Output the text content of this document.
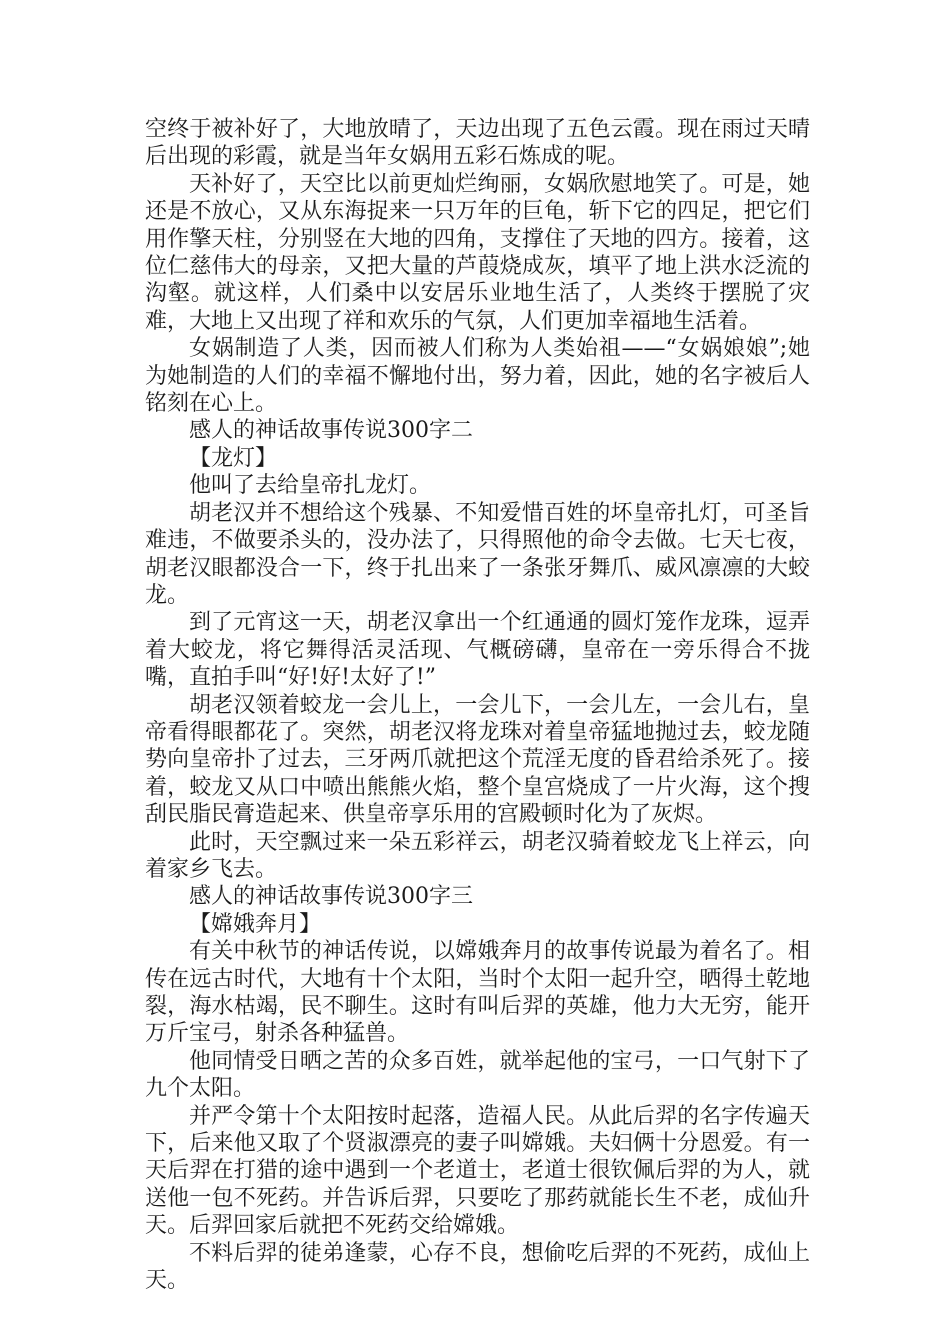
空终于被补好了，大地放晴了，天边出现了五色云霞。现在雨过天晴后出现的彩霞，就是当年女娲用五彩石炼成的呢。

天补好了，天空比以前更灿烂绚丽，女娲欣慰地笑了。可是，她还是不放心，又从东海捉来一只万年的巨龟，斩下它的四足，把它们用作擎天柱，分别竖在大地的四角，支撑住了天地的四方。接着，这位仁慈伟大的母亲，又把大量的芦葭烧成灰，填平了地上洪水泛流的沟壑。就这样，人们桑中以安居乐业地生活了，人类终于摆脱了灾难，大地上又出现了祥和欢乐的气氛，人们更加幸福地生活着。

女娲制造了人类，因而被人们称为人类始祖——“女娲娘娘”;她为她制造的人们的幸福不懈地付出，努力着，因此，她的名字被后人铭刻在心上。

感人的神话故事传说300字二

【龙灯】

他叫了去给皇帝扎龙灯。

胡老汉并不想给这个残暴、不知爱惜百姓的坏皇帝扎灯，可圣旨难违，不做要杀头的，没办法了，只得照他的命令去做。七天七夜，胡老汉眼都没合一下，终于扎出来了一条张牙舞爪、威风凛凛的大蛟龙。

到了元宵这一天，胡老汉拿出一个红通通的圆灯笼作龙珠，逗弄着大蛟龙，将它舞得活灵活现、气概磅礴，皇帝在一旁乐得合不拢嘴，直拍手叫“好!好!太好了!”

胡老汉领着蛟龙一会儿上，一会儿下，一会儿左，一会儿右，皇帝看得眼都花了。突然，胡老汉将龙珠对着皇帝猛地抛过去，蛟龙随势向皇帝扑了过去，三牙两爪就把这个荒淫无度的昏君给杀死了。接着，蛟龙又从口中喷出熊熊火焰，整个皇宫烧成了一片火海，这个搜刮民脂民膏造起来、供皇帝享乐用的宫殿顿时化为了灰烬。

此时，天空飘过来一朵五彩祥云，胡老汉骑着蛟龙飞上祥云，向着家乡飞去。

感人的神话故事传说300字三

【嫦娥奔月】

有关中秋节的神话传说，以嫦娥奔月的故事传说最为着名了。相传在远古时代，大地有十个太阳，当时个太阳一起升空，晒得土乾地裂，海水枯竭，民不聊生。这时有叫后羿的英雄，他力大无穷，能开万斤宝弓，射杀各种猛兽。

他同情受日晒之苦的众多百姓，就举起他的宝弓，一口气射下了九个太阳。

并严令第十个太阳按时起落，造福人民。从此后羿的名字传遍天下，后来他又取了个贤淑漂亮的妻子叫嫦娥。夫妇俩十分恩爱。有一天后羿在打猎的途中遇到一个老道士，老道士很钦佩后羿的为人，就送他一包不死药。并告诉后羿，只要吃了那药就能长生不老，成仙升天。后羿回家后就把不死药交给嫦娥。

不料后羿的徒弟逢蒙，心存不良，想偷吃后羿的不死药，成仙上天。
